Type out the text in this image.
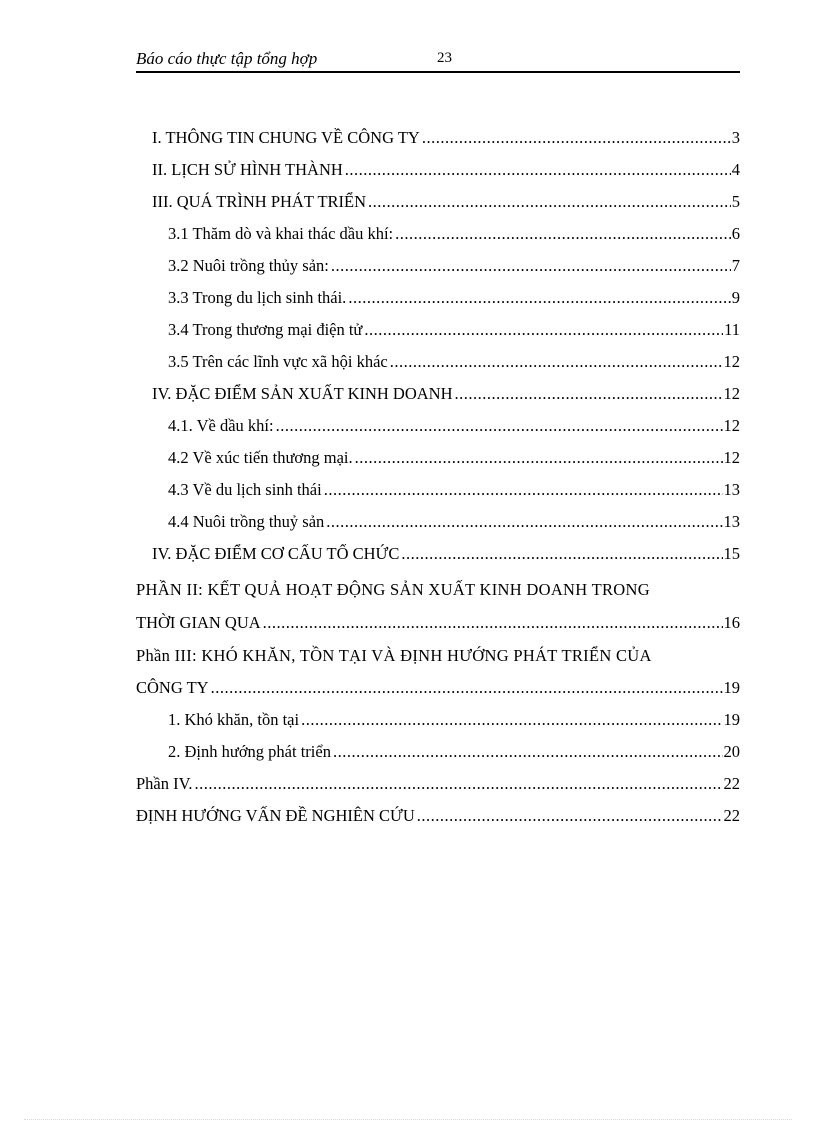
Báo cáo thực tập tổng hợp	23
I. THÔNG TIN CHUNG VỀ CÔNG TY .....	3
II. LỊCH SỬ HÌNH THÀNH .....	4
III. QUÁ TRÌNH PHÁT TRIỂN .....	5
3.1 Thăm dò và khai thác dầu khí: .....	6
3.2 Nuôi trồng thủy sản: .....	7
3.3 Trong du lịch sinh thái. .....	9
3.4 Trong thương mại điện tử .....	11
3.5 Trên các lĩnh vực xã hội khác .....	12
IV. ĐẶC ĐIỂM SẢN XUẤT KINH DOANH .....	12
4.1. Về dầu khí: .....	12
4.2 Về xúc tiến thương mại. .....	12
4.3 Về du lịch sinh thái .....	13
4.4 Nuôi trồng thuỷ sản .....	13
IV. ĐẶC ĐIỂM CƠ CẤU TỔ CHỨC .....	15
PHẦN II: KẾT QUẢ HOẠT ĐỘNG SẢN XUẤT KINH DOANH TRONG
THỜI GIAN QUA .....	16
Phần III: KHÓ KHĂN, TỒN TẠI VÀ ĐỊNH HƯỚNG PHÁT TRIỂN CỦA
CÔNG TY .....	19
1. Khó khăn, tồn tại .....	19
2. Định hướng phát triển .....	20
Phần IV. .....	22
ĐỊNH HƯỚNG VẤN ĐỀ NGHIÊN CỨU .....	22
